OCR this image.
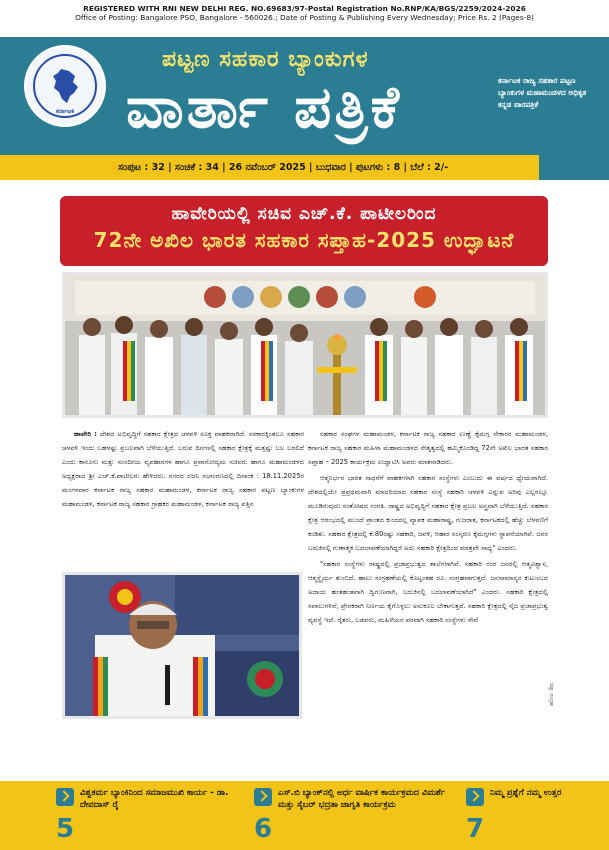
REGISTERED WITH RNI NEW DELHI REG. NO.69683/97-Postal Registration No.RNP/KA/BGS/2259/2024-2026
Office of Posting: Bangalore PSO, Bangalore - 560026.; Date of Posting & Publishing Every Wednesday; Price Rs. 2 (Pages-8)
ಕರ್ನಾಟಕ
ಪಟ್ಟಣ ಸಹಕಾರ ಬ್ಯಾಂಕುಗಳ
ವಾರ್ತಾ ಪತ್ರಿಕೆ	ಕರ್ನಾಟಕ ರಾಜ್ಯ ಸಹಕಾರ ಪಟ್ಟಣ ಬ್ಯಾಂಕುಗಳ ಮಹಾಮಂಡಳದ ಅಧಿಕೃತ ಕನ್ನಡ ವಾರಪತ್ರಿಕೆ
ಸಂಪುಟ : 32 | ಸಂಚಿಕೆ : 34 | 26 ನವೆಂಬರ್ 2025 | ಬುಧವಾರ | ಪುಟಗಳು : 8 | ಬೆಲೆ : 2/-
ಹಾವೇರಿಯಲ್ಲಿ ಸಚಿವ ಎಚ್.ಕೆ. ಪಾಟೀಲರಿಂದ
72ನೇ ಅಖಿಲ ಭಾರತ ಸಹಕಾರ ಸಪ್ತಾಹ-2025 ಉದ್ಘಾಟನೆ

ಹಾವೇರಿ : ದೇಶದ ಅಭಿವೃದ್ಧಿಗೆ ಸಹಕಾರ ಕ್ಷೇತ್ರದ ಚಳವಳಿ ಸೂಕ್ತ ವಾಹಕವಾಗಿದೆ. ಸರಕಾರಕ್ಕಿಂತಲೂ ಸಹಕಾರ ಚಳವಳಿ ಇಂದು ಬಹಳಷ್ಟು ಪ್ರಬಲವಾಗಿ ಬೆಳೆಯುತ್ತಿದೆ. ಬರುವ ದಿನಗಳಲ್ಲಿ ಸಹಕಾರ ಕ್ಷೇತ್ರಕ್ಕೆ ಮತ್ತಷ್ಟು ಬಲ ಬರಲಿದೆ ಎಂದು ಕಾನೂನು ಮತ್ತು ಸಂಸದೀಯ ವ್ಯವಹಾರಗಳ ಹಾಗೂ ಪ್ರವಾಸೋದ್ಯಮ ಸಚಿವರು ಹಾಗೂ ಮಹಾಮಂಡಳದ ಅಧ್ಯಕ್ಷರಾದ ಶ್ರೀ ಎಚ್.ಕೆ.ಪಾಟೀಲರು ಹೇಳಿದರು. ನಗರದ ರಜನಿ ಸಭಾಂಗಣದಲ್ಲಿ ದಿನಾಂಕ : 18.11.2025ರ ಮಂಗಳವಾರ ಕರ್ನಾಟಕ ರಾಜ್ಯ ಸಹಕಾರ ಮಹಾಮಂಡಳ, ಕರ್ನಾಟಕ ರಾಜ್ಯ ಸಹಕಾರ ಪಟ್ಟಣ ಬ್ಯಾಂಕುಗಳ ಮಹಾಮಂಡಳ, ಕರ್ನಾಟಕ ರಾಜ್ಯ ಸಹಕಾರ ಗ್ರಾಹಕರ ಮಹಾಮಂಡಳ, ಕರ್ನಾಟಕ ರಾಜ್ಯ ಪತ್ತಿನ

ಸಹಕಾರ ಸಂಘಗಳ ಮಹಾಮಂಡಳ, ಕರ್ನಾಟಕ ರಾಜ್ಯ ಸಹಕಾರ ಉಣ್ಣೆ ಕೈಮಗ್ಗ ನೇಕಾರರ ಮಹಾಮಂಡಳ, ಕರ್ನಾಟಕ ರಾಜ್ಯ ಸಹಕಾರ ಮಹಿಳಾ ಮಹಾಮಂಡಳದ ನೇತೃತ್ವದಲ್ಲಿ ಹಮ್ಮಿಕೊಂಡಿದ್ದ 72ನೇ ಅಖಿಲ ಭಾರತ ಸಹಕಾರ ಸಪ್ತಾಹ – 2025 ಕಾರ್ಯಕ್ರಮ ಉದ್ಘಾಟಿಸಿ ಅವರು ಮಾತನಾಡಿದರು.

ಆತ್ಮನಿರ್ಭರ ಭಾರತ ಸಾಧನೆಗೆ ವಾಹಕಗಳಾಗಿ ಸಹಕಾರ ಸಂಸ್ಥೆಗಳು ಎಂಬುದು ಈ ವರ್ಷದ ಧ್ಯೇಯವಾಗಿದೆ. ದೇಶದಲ್ಲಿಯೇ ಪ್ರಪ್ರಥಮವಾಗಿ ಮಾದರಿಯಾದ ಸಹಕಾರ ಸಂಸ್ಥೆ ಸಹಕಾರಿ ಚಳವಳಿ ಎನ್ನುವ ಅರಿವು ಎಲ್ಲರಲ್ಲೂ ಮೂಡಿರುವುದು ಸಂತೋಷದ ಸಂಗತಿ. ರಾಷ್ಟ್ರದ ಅಭಿವೃದ್ಧಿಗೆ ಸಹಕಾರ ಕ್ಷೇತ್ರ ಪ್ರಬಲ ಅಸ್ತ್ರವಾಗಿ ಬೆಳೆಯುತ್ತಿದೆ. ಸಹಕಾರ ಕ್ಷೇತ್ರ ಆರಂಭದಲ್ಲಿ ಮುಂದೆ ಪ್ರಾಂತದ ಕುಂದರಲ್ಲ ವ್ಯಾಪಕ ಮಹಾರಾಷ್ಟ್ರ, ಗುಜರಾತ, ಕರ್ನಾಟಕದಲ್ಲಿ ಹೆಚ್ಚು ಬೆಳವಣಿಗೆ ಕಂಡಿತು. ಸಹಕಾರ ಕ್ಷೇತ್ರದಲ್ಲಿ ಕೆ.80ರಷ್ಟು ಸಹಕಾರಿ, ಜವಳಿ, ಆಹಾರ ಸಂಸ್ಕರಣ ಕೈಮಗ್ಗಗಳು ಸ್ಥಾಪನೆಯಾಗಿವೆ. ಜನರ ಬದುಕಿನಲ್ಲಿ ಗುಣಾತ್ಮಕ ಬದಲಾವಣೆಯಾಗಿದ್ದರೆ ಅದು ಸಹಕಾರಿ ಕ್ಷೇತ್ರದಿಂದ ಮಾತ್ರವೇ ಸಾಧ್ಯ" ಎಂದರು.

"ಸಹಕಾರ ಸಂಸ್ಥೆಗಳು ರಾಷ್ಟ್ರದಲ್ಲಿ ಪ್ರಜಾಪ್ರಭುತ್ವದ ಶಾಲೆಗಳಾಗಿವೆ. ಸಹಕಾರಿ ರಂಗ ಜನರಲ್ಲಿ ಆತ್ಮವಿಶ್ವಾಸ, ಆತ್ಮಸ್ಥೈರ್ಯ ತುಂಬಿದೆ. ಹಾಲು ಸಂಗ್ರಹಣೆಯಲ್ಲಿ ಕೊಟ್ಟಂತಹ ರೂ. ಸಂಗ್ರಹವಾಗುತ್ತದೆ. ಜನಸಾಮಾನ್ಯರ ಕುಟುಂಬದ ಅದಾಯ ಹಂತಹಂತವಾಗಿ ದ್ವಿಗುಣವಾಗಿ, ಬದುಕಿನಲ್ಲಿ ಬದಲಾವಣೆಯಾಗಿದೆ" ಎಂದರು. ಸಹಕಾರಿ ಕ್ಷೇತ್ರದಲ್ಲಿ ಸವಾಲುಗಳಿವೆ, ಪ್ರೇರಕರಾಗಿ ನಿರ್ಣಯ ಕೈಗೊಳ್ಳಲು ಅನುಕೂಲ ಬೇಕಾಗುತ್ತದೆ. ಸಹಕಾರಿ ಕ್ಷೇತ್ರದಲ್ಲಿ ನೈಜ ಪ್ರಜಾಪ್ರಭುತ್ವ ವ್ಯವಸ್ಥೆ ಇದೆ. ರೈತರು, ಬಡವರು, ಮಹಿಳೆಯರ ಪರವಾಗಿ ಸಹಕಾರಿ ಸಂಸ್ಥೆಗಳು ಸೇವೆ

ಚಿತ್ರ: ಸಂಗ್ರಹ
ವಿಶ್ವಕರ್ಮ ಬ್ಯಾಂಕಿನಿಂದ ಸಮಾಜಮುಖಿ ಕಾರ್ಯ - ಡಾ. ದೇವದಾಸ್ ರೈ
5
ಎಸ್.ಬಿ ಬ್ಯಾಂಕ್‌ನಲ್ಲಿ ಅರ್ಧ ವಾರ್ಷಿಕ ಕಾರ್ಯಕ್ರಮದ ವಿಮರ್ಶೆ ಮತ್ತು ಸೈಬರ್ ಭದ್ರತಾ ಜಾಗೃತಿ ಕಾರ್ಯಕ್ರಮ
6
ನಿಮ್ಮ ಪ್ರಶ್ನೆಗೆ ನಮ್ಮ ಉತ್ತರ
7
